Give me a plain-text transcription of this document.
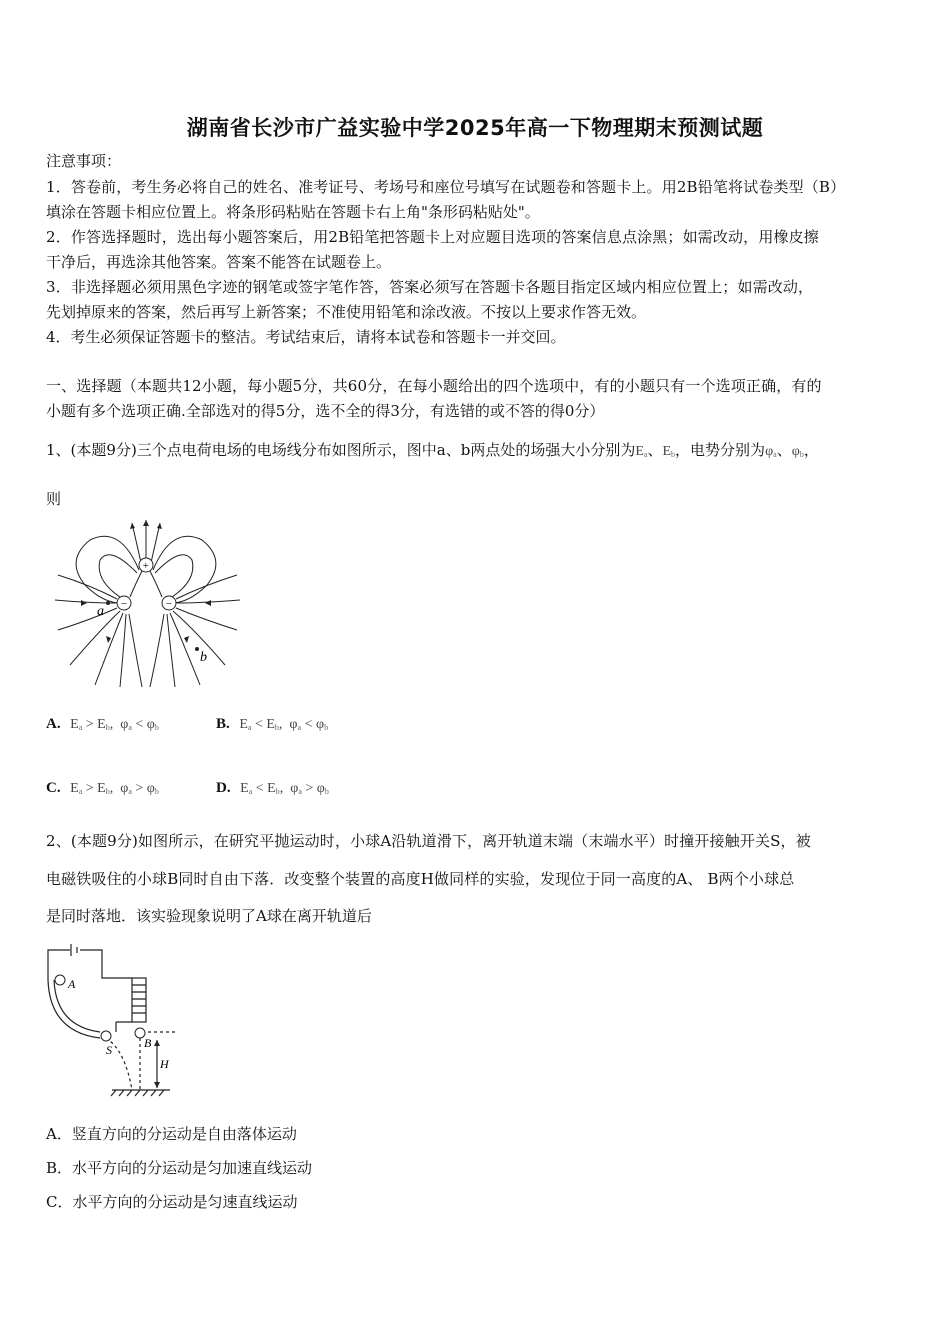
湖南省长沙市广益实验中学2025年高一下物理期末预测试题
注意事项：
1．答卷前，考生务必将自己的姓名、准考证号、考场号和座位号填写在试题卷和答题卡上。用2B铅笔将试卷类型（B）
填涂在答题卡相应位置上。将条形码粘贴在答题卡右上角"条形码粘贴处"。
2．作答选择题时，选出每小题答案后，用2B铅笔把答题卡上对应题目选项的答案信息点涂黑；如需改动，用橡皮擦
干净后，再选涂其他答案。答案不能答在试题卷上。
3．非选择题必须用黑色字迹的钢笔或签字笔作答，答案必须写在答题卡各题目指定区域内相应位置上；如需改动，
先划掉原来的答案，然后再写上新答案；不准使用铅笔和涂改液。不按以上要求作答无效。
4．考生必须保证答题卡的整洁。考试结束后，请将本试卷和答题卡一并交回。
一、选择题（本题共12小题，每小题5分，共60分，在每小题给出的四个选项中，有的小题只有一个选项正确，有的
小题有多个选项正确.全部选对的得5分，选不全的得3分，有选错的或不答的得0分）
1、(本题9分)三个点电荷电场的电场线分布如图所示，图中a、b两点处的场强大小分别为$E_a$、$E_b$，电势分别为$\varphi_a$、$\varphi_b$，
则
+
−	−
a
b
A. $E_a > E_b$,  $\varphi_a < \varphi_b$	B. $E_a < E_b$,  $\varphi_a < \varphi_b$
C. $E_a > E_b$,  $\varphi_a > \varphi_b$	D. $E_a < E_b$,  $\varphi_a > \varphi_b$
2、(本题9分)如图所示，在研究平抛运动时，小球A沿轨道滑下，离开轨道末端（末端水平）时撞开接触开关S，被
电磁铁吸住的小球B同时自由下落．改变整个装置的高度H做同样的实验，发现位于同一高度的A、 B两个小球总
是同时落地．该实验现象说明了A球在离开轨道后
A
B
S
H
A．竖直方向的分运动是自由落体运动
B．水平方向的分运动是匀加速直线运动
C．水平方向的分运动是匀速直线运动
